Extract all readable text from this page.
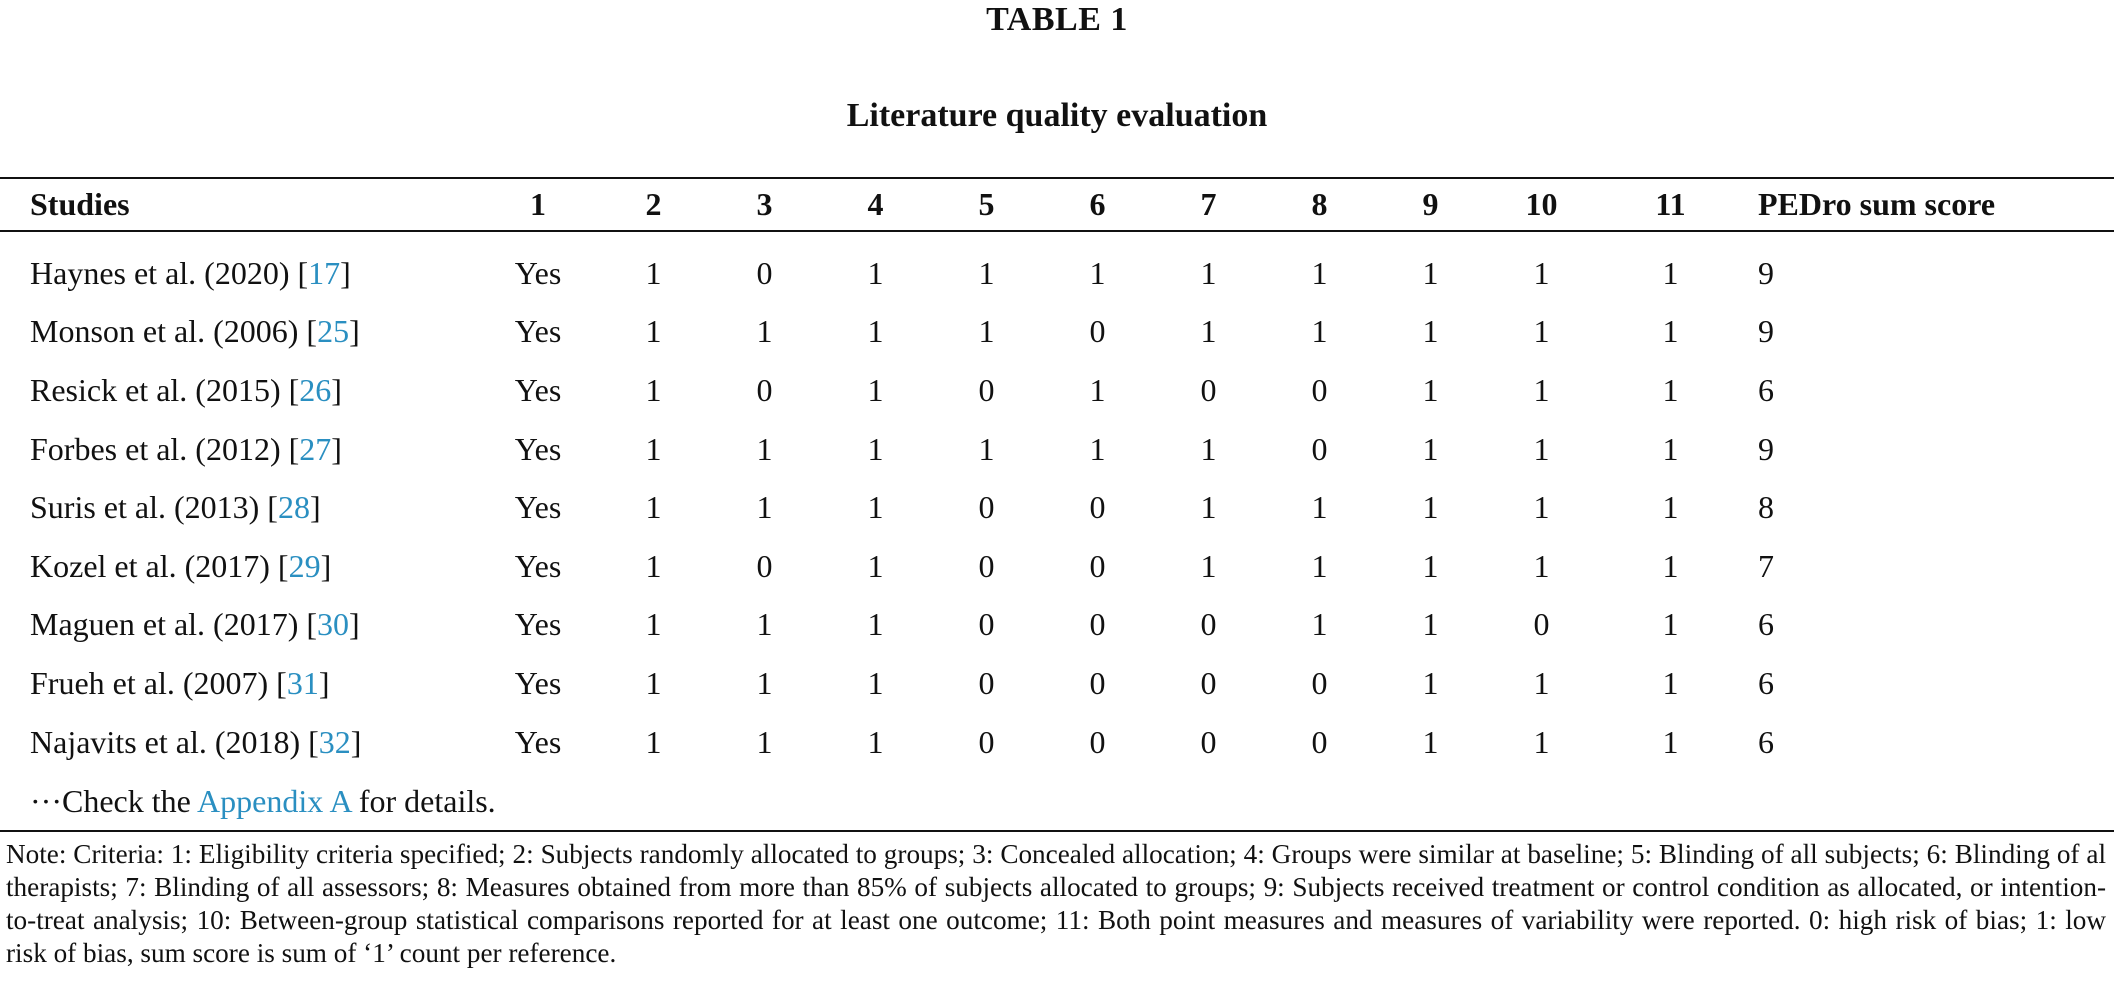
TABLE 1
Literature quality evaluation
Studies	1	2	3	4	5	6	7	8	9	10	11	PEDro sum score
Haynes et al. (2020) [17]	Yes	1	0	1	1	1	1	1	1	1	1	9
Monson et al. (2006) [25]	Yes	1	1	1	1	0	1	1	1	1	1	9
Resick et al. (2015) [26]	Yes	1	0	1	0	1	0	0	1	1	1	6
Forbes et al. (2012) [27]	Yes	1	1	1	1	1	1	0	1	1	1	9
Suris et al. (2013) [28]	Yes	1	1	1	0	0	1	1	1	1	1	8
Kozel et al. (2017) [29]	Yes	1	0	1	0	0	1	1	1	1	1	7
Maguen et al. (2017) [30]	Yes	1	1	1	0	0	0	1	1	0	1	6
Frueh et al. (2007) [31]	Yes	1	1	1	0	0	0	0	1	1	1	6
Najavits et al. (2018) [32]	Yes	1	1	1	0	0	0	0	1	1	1	6
···Check the Appendix A for details.
Note: Criteria: 1: Eligibility criteria specified; 2: Subjects randomly allocated to groups; 3: Concealed allocation; 4: Groups were similar at baseline; 5: Blinding of all subjects; 6: Blinding of al therapists; 7: Blinding of all assessors; 8: Measures obtained from more than 85% of subjects allocated to groups; 9: Subjects received treatment or control condition as allocated, or intention-to-treat analysis; 10: Between-group statistical comparisons reported for at least one outcome; 11: Both point measures and measures of variability were reported. 0: high risk of bias; 1: low risk of bias, sum score is sum of ‘1’ count per reference.
